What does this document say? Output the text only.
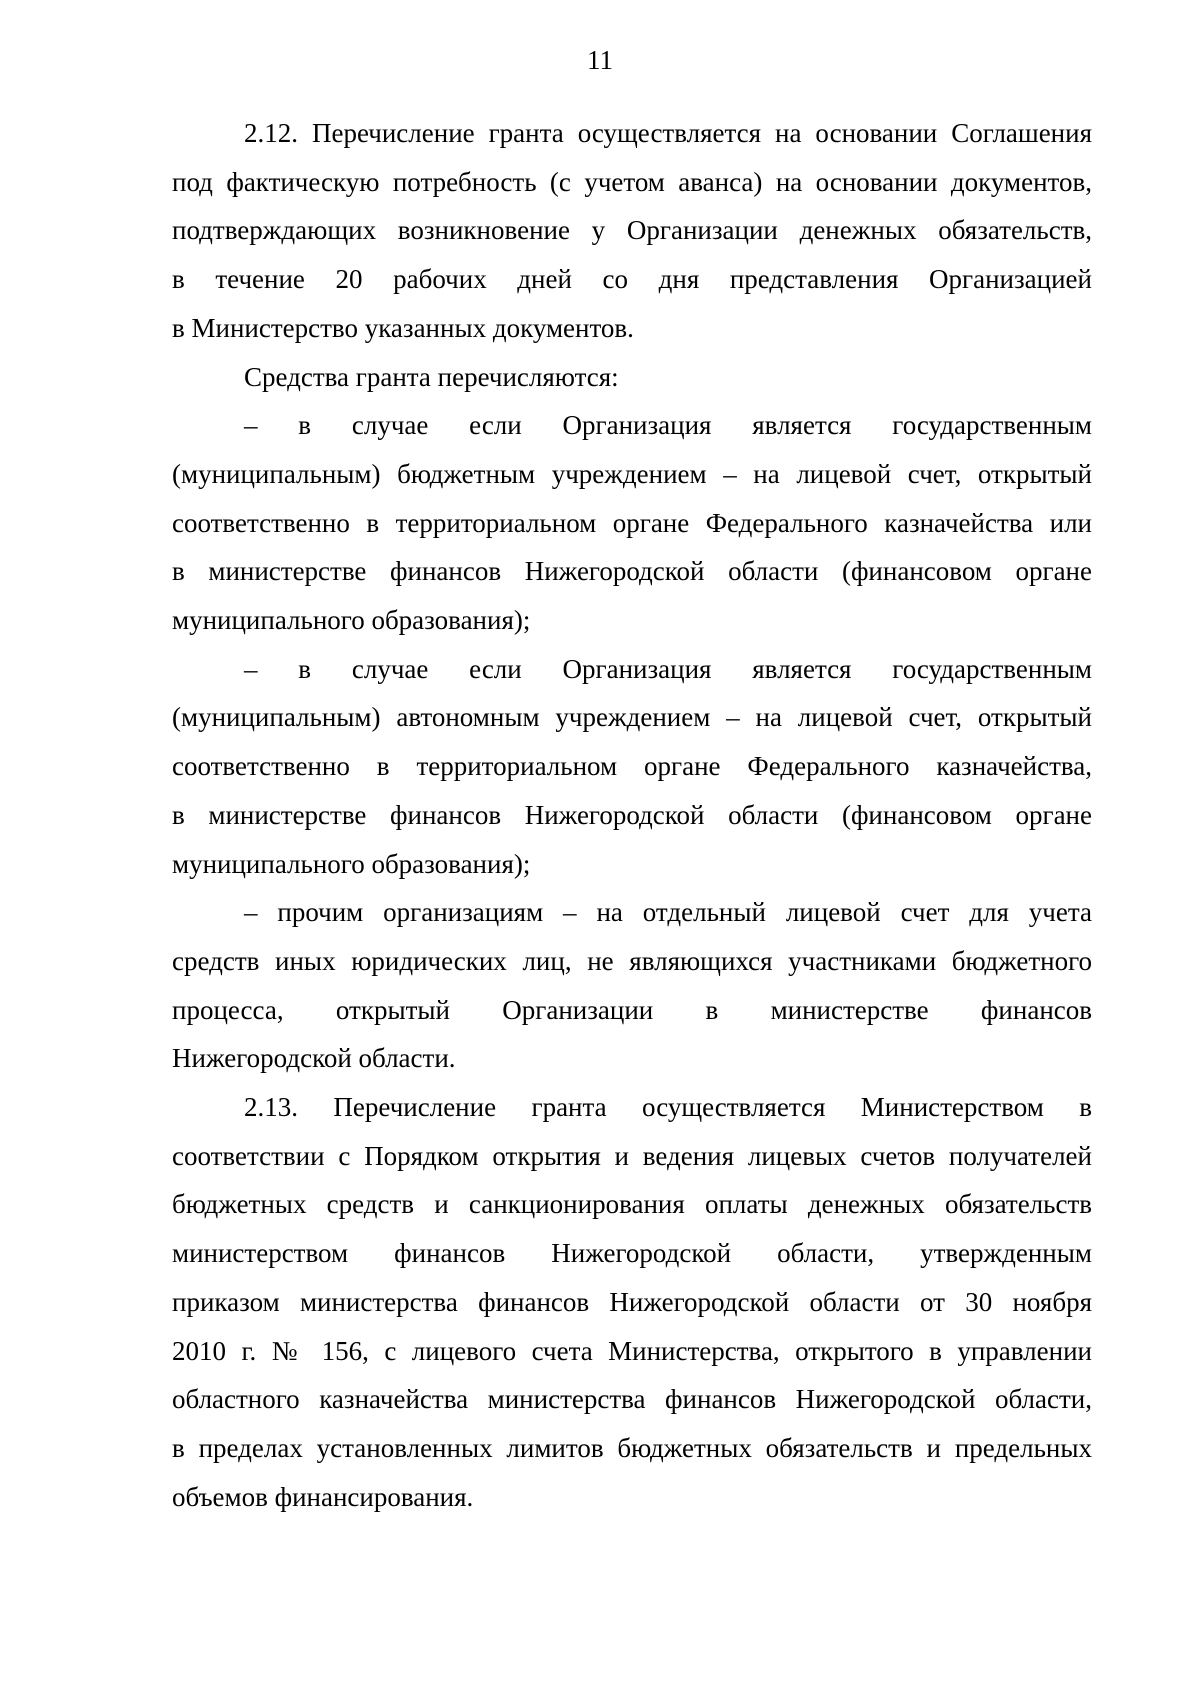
11
2.12. Перечисление гранта осуществляется на основании Соглашения
под фактическую потребность (с учетом аванса) на основании документов,
подтверждающих возникновение у Организации денежных обязательств,
в течение 20 рабочих дней со дня представления Организацией
в Министерство указанных документов.
Средства гранта перечисляются:
– в случае если Организация является государственным
(муниципальным) бюджетным учреждением – на лицевой счет, открытый
соответственно в территориальном органе Федерального казначейства или
в министерстве финансов Нижегородской области (финансовом органе
муниципального образования);
– в случае если Организация является государственным
(муниципальным) автономным учреждением – на лицевой счет, открытый
соответственно в территориальном органе Федерального казначейства,
в министерстве финансов Нижегородской области (финансовом органе
муниципального образования);
– прочим организациям – на отдельный лицевой счет для учета
средств иных юридических лиц, не являющихся участниками бюджетного
процесса, открытый Организации в министерстве финансов
Нижегородской области.
2.13. Перечисление гранта осуществляется Министерством в
соответствии с Порядком открытия и ведения лицевых счетов получателей
бюджетных средств и санкционирования оплаты денежных обязательств
министерством финансов Нижегородской области, утвержденным
приказом министерства финансов Нижегородской области от 30 ноября
2010 г. № 156, с лицевого счета Министерства, открытого в управлении
областного казначейства министерства финансов Нижегородской области,
в пределах установленных лимитов бюджетных обязательств и предельных
объемов финансирования.
